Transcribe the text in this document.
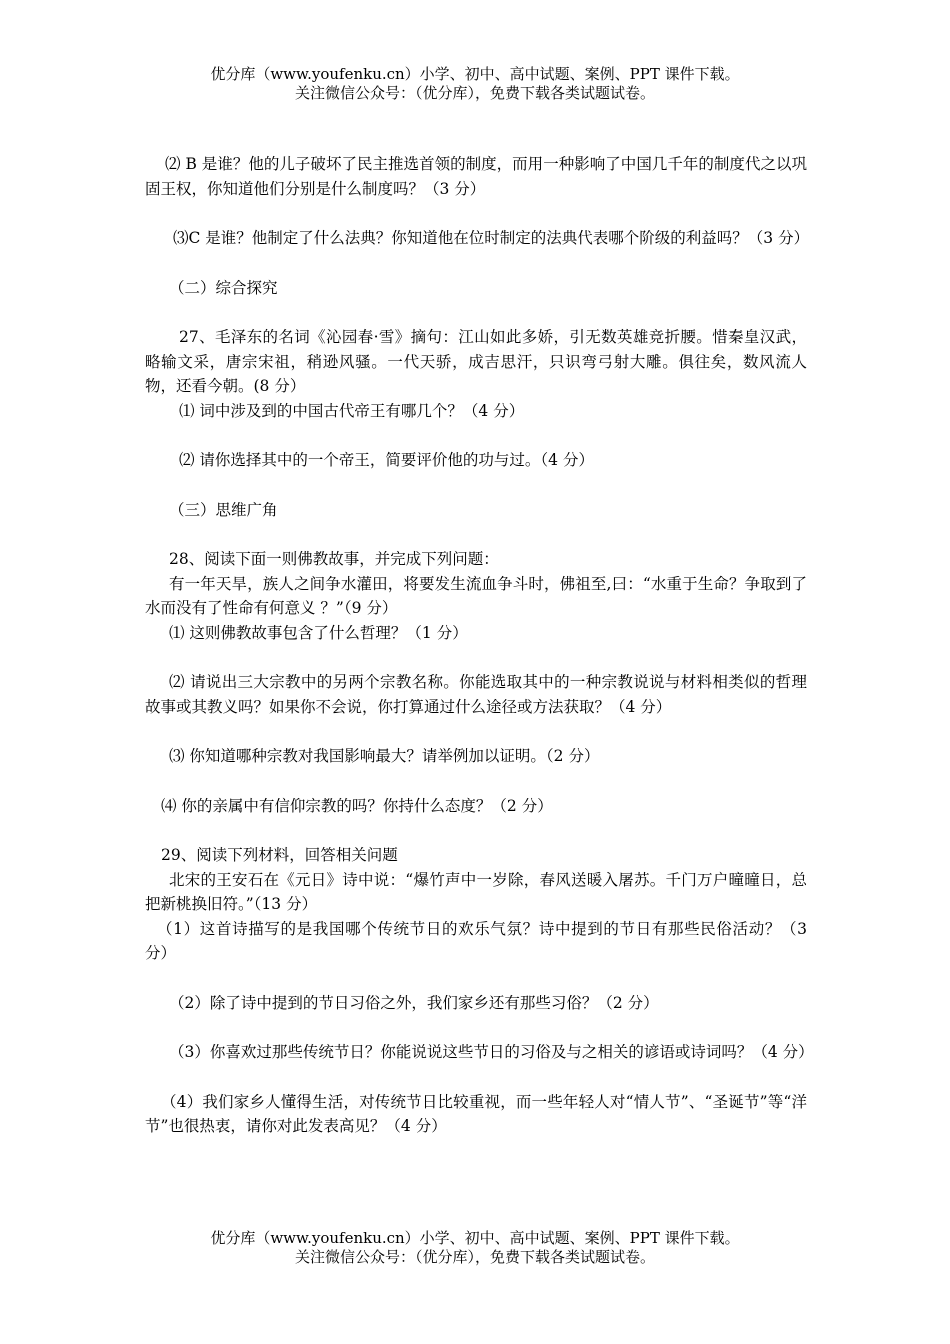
优分库（www.youfenku.cn）小学、初中、高中试题、案例、PPT 课件下载。
关注微信公众号：（优分库），免费下载各类试题试卷。

⑵ B 是谁？他的儿子破坏了民主推选首领的制度，而用一种影响了中国几千年的制度代之以巩固王权，你知道他们分别是什么制度吗？（3 分）

⑶C 是谁？他制定了什么法典？你知道他在位时制定的法典代表哪个阶级的利益吗？（3 分）

（二）综合探究

27、毛泽东的名词《沁园春·雪》摘句：江山如此多娇，引无数英雄竞折腰。惜秦皇汉武，略输文采，唐宗宋祖，稍逊风骚。一代天骄，成吉思汗，只识弯弓射大雕。俱往矣，数风流人物，还看今朝。(8 分）

⑴ 词中涉及到的中国古代帝王有哪几个？（4 分）

⑵ 请你选择其中的一个帝王，简要评价他的功与过。（4 分）

（三）思维广角

28、阅读下面一则佛教故事，并完成下列问题：

有一年天旱，族人之间争水灌田，将要发生流血争斗时，佛祖至,曰：“水重于生命？争取到了水而没有了性命有何意义 ？”（9 分）

⑴ 这则佛教故事包含了什么哲理？（1 分）

⑵ 请说出三大宗教中的另两个宗教名称。你能选取其中的一种宗教说说与材料相类似的哲理故事或其教义吗？如果你不会说，你打算通过什么途径或方法获取？（4 分）

⑶ 你知道哪种宗教对我国影响最大？请举例加以证明。（2 分）

⑷ 你的亲属中有信仰宗教的吗？你持什么态度？（2 分）

29、阅读下列材料，回答相关问题

北宋的王安石在《元日》诗中说：“爆竹声中一岁除，春风送暖入屠苏。千门万户曈曈日，总把新桃换旧符。”（13 分）

（1）这首诗描写的是我国哪个传统节日的欢乐气氛？诗中提到的节日有那些民俗活动？（3 分）

（2）除了诗中提到的节日习俗之外，我们家乡还有那些习俗？（2 分）

（3）你喜欢过那些传统节日？你能说说这些节日的习俗及与之相关的谚语或诗词吗？（4 分）

（4）我们家乡人懂得生活，对传统节日比较重视，而一些年轻人对“情人节”、“圣诞节”等“洋节”也很热衷，请你对此发表高见？（4 分）

优分库（www.youfenku.cn）小学、初中、高中试题、案例、PPT 课件下载。
关注微信公众号：（优分库），免费下载各类试题试卷。
